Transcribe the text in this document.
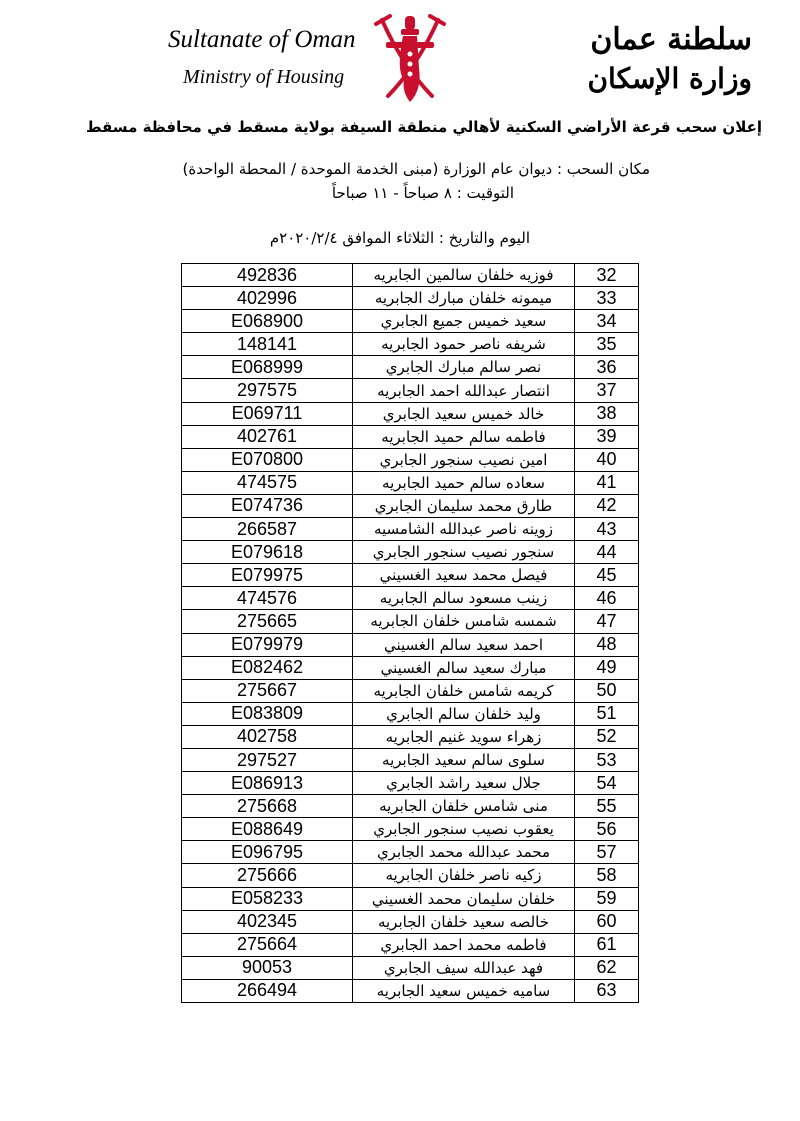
Sultanate of Oman
Ministry of Housing
سلطنة عمان
وزارة الإسكان
إعلان سحب قرعة الأراضي السكنية لأهالي منطقة السيفة بولاية مسقط في محافظة مسقط
مكان السحب : ديوان عام الوزارة (مبنى الخدمة الموحدة / المحطة الواحدة)
التوقيت : ٨ صباحاً - ١١ صباحاً
اليوم والتاريخ : الثلاثاء الموافق ٢٠٢٠/٢/٤م
492836	فوزيه خلفان سالمين الجابريه	32
402996	ميمونه خلفان مبارك الجابريه	33
E068900	سعيد خميس جميع الجابري	34
148141	شريفه ناصر حمود الجابريه	35
E068999	نصر سالم مبارك الجابري	36
297575	انتصار عبدالله احمد الجابريه	37
E069711	خالد خميس سعيد الجابري	38
402761	فاطمه سالم حميد الجابريه	39
E070800	امين نصيب سنجور الجابري	40
474575	سعاده سالم حميد الجابريه	41
E074736	طارق محمد سليمان الجابري	42
266587	زوينه ناصر عبدالله الشامسيه	43
E079618	سنجور نصيب سنجور الجابري	44
E079975	فيصل محمد سعيد الغسيني	45
474576	زينب مسعود سالم الجابريه	46
275665	شمسه شامس خلفان الجابريه	47
E079979	احمد سعيد سالم الغسيني	48
E082462	مبارك سعيد سالم الغسيني	49
275667	كريمه شامس خلفان الجابريه	50
E083809	وليد خلفان سالم الجابري	51
402758	زهراء سويد غنيم الجابريه	52
297527	سلوى سالم سعيد الجابريه	53
E086913	جلال سعيد راشد الجابري	54
275668	منى شامس خلفان الجابريه	55
E088649	يعقوب نصيب سنجور الجابري	56
E096795	محمد عبدالله محمد الجابري	57
275666	زكيه ناصر خلفان الجابريه	58
E058233	خلفان سليمان محمد الغسيني	59
402345	خالصه سعيد خلفان الجابريه	60
275664	فاطمه محمد احمد الجابري	61
90053	فهد عبدالله سيف الجابري	62
266494	ساميه خميس سعيد الجابريه	63
